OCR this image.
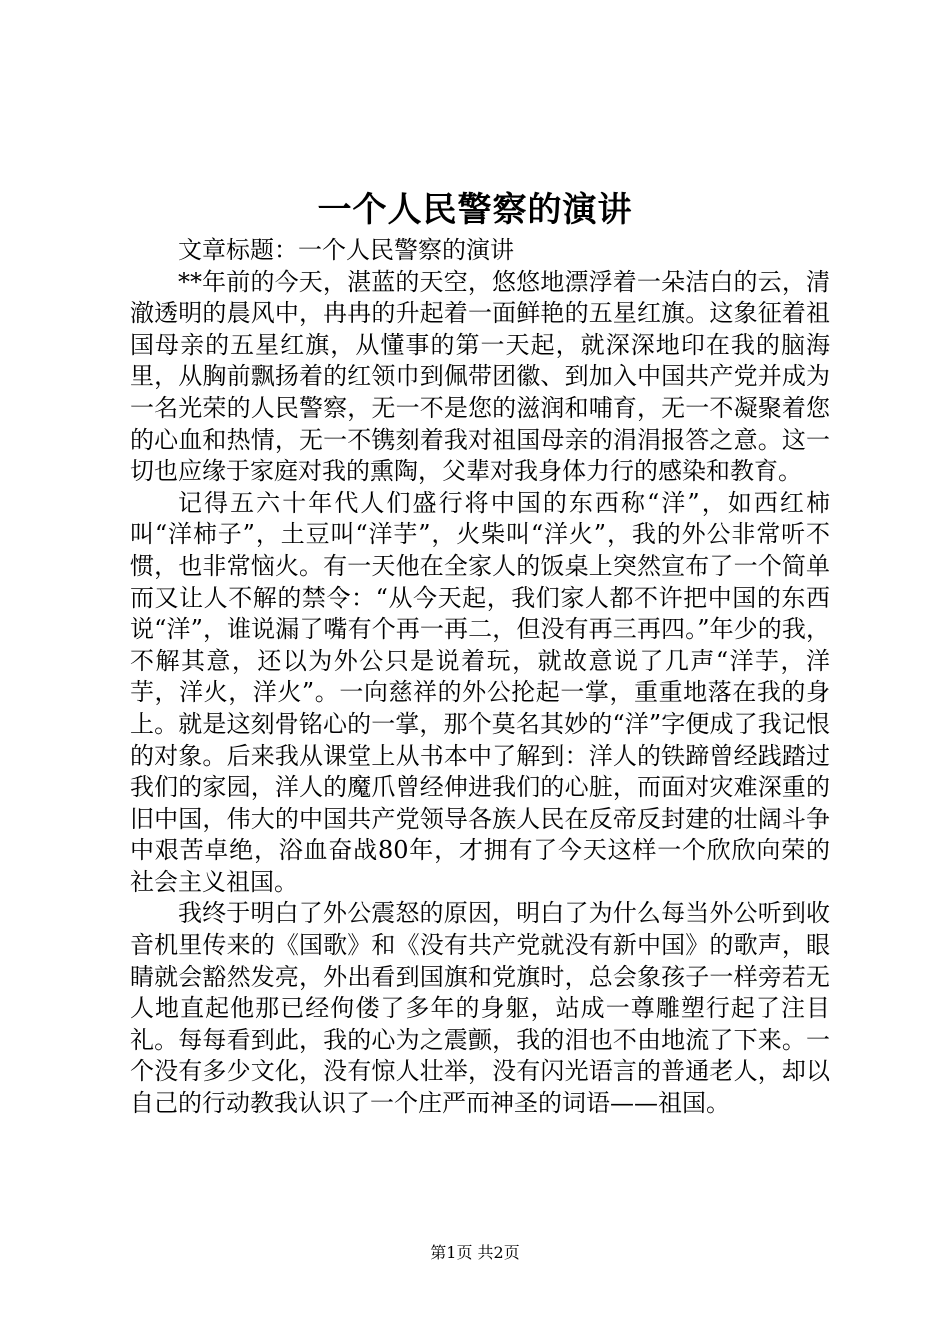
一个人民警察的演讲

文章标题：一个人民警察的演讲

**年前的今天，湛蓝的天空，悠悠地漂浮着一朵洁白的云，清澈透明的晨风中，冉冉的升起着一面鲜艳的五星红旗。这象征着祖国母亲的五星红旗，从懂事的第一天起，就深深地印在我的脑海里，从胸前飘扬着的红领巾到佩带团徽、到加入中国共产党并成为一名光荣的人民警察，无一不是您的滋润和哺育，无一不凝聚着您的心血和热情，无一不镌刻着我对祖国母亲的涓涓报答之意。这一切也应缘于家庭对我的熏陶，父辈对我身体力行的感染和教育。

记得五六十年代人们盛行将中国的东西称“洋”，如西红柿叫“洋柿子”，土豆叫“洋芋”，火柴叫“洋火”，我的外公非常听不惯，也非常恼火。有一天他在全家人的饭桌上突然宣布了一个简单而又让人不解的禁令：“从今天起，我们家人都不许把中国的东西说“洋”，谁说漏了嘴有个再一再二，但没有再三再四。”年少的我，不解其意，还以为外公只是说着玩，就故意说了几声“洋芋，洋芋，洋火，洋火”。一向慈祥的外公抡起一掌，重重地落在我的身上。就是这刻骨铭心的一掌，那个莫名其妙的“洋”字便成了我记恨的对象。后来我从课堂上从书本中了解到：洋人的铁蹄曾经践踏过我们的家园，洋人的魔爪曾经伸进我们的心脏，而面对灾难深重的旧中国，伟大的中国共产党领导各族人民在反帝反封建的壮阔斗争中艰苦卓绝，浴血奋战80年，才拥有了今天这样一个欣欣向荣的社会主义祖国。

我终于明白了外公震怒的原因，明白了为什么每当外公听到收音机里传来的《国歌》和《没有共产党就没有新中国》的歌声，眼睛就会豁然发亮，外出看到国旗和党旗时，总会象孩子一样旁若无人地直起他那已经佝偻了多年的身躯，站成一尊雕塑行起了注目礼。每每看到此，我的心为之震颤，我的泪也不由地流了下来。一个没有多少文化，没有惊人壮举，没有闪光语言的普通老人，却以自己的行动教我认识了一个庄严而神圣的词语——祖国。

第1页 共2页
